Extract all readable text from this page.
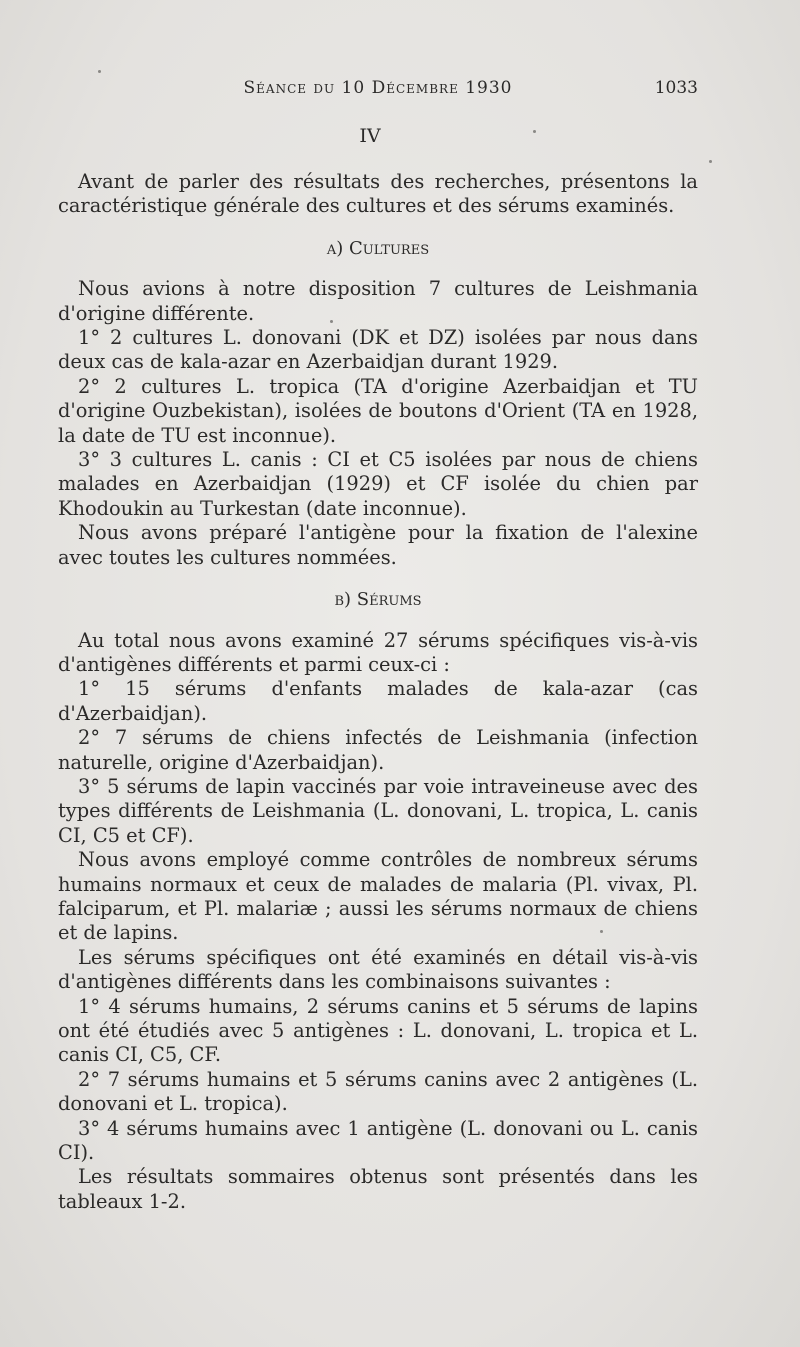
Séance du 10 Décembre 1930	1033
IV

Avant de parler des résultats des recherches, présentons la caractéristique générale des cultures et des sérums examinés.

a) Cultures

Nous avions à notre disposition 7 cultures de Leishmania d'origine différente.

1° 2 cultures L. donovani (DK et DZ) isolées par nous dans deux cas de kala-azar en Azerbaidjan durant 1929.

2° 2 cultures L. tropica (TA d'origine Azerbaidjan et TU d'origine Ouzbekistan), isolées de boutons d'Orient (TA en 1928, la date de TU est inconnue).

3° 3 cultures L. canis : CI et C5 isolées par nous de chiens malades en Azerbaidjan (1929) et CF isolée du chien par Khodoukin au Turkestan (date inconnue).

Nous avons préparé l'antigène pour la fixation de l'alexine avec toutes les cultures nommées.

b) Sérums

Au total nous avons examiné 27 sérums spécifiques vis-à-vis d'antigènes différents et parmi ceux-ci :

1° 15 sérums d'enfants malades de kala-azar (cas d'Azerbaidjan).

2° 7 sérums de chiens infectés de Leishmania (infection naturelle, origine d'Azerbaidjan).

3° 5 sérums de lapin vaccinés par voie intraveineuse avec des types différents de Leishmania (L. donovani, L. tropica, L. canis CI, C5 et CF).

Nous avons employé comme contrôles de nombreux sérums humains normaux et ceux de malades de malaria (Pl. vivax, Pl. falciparum, et Pl. malariæ ; aussi les sérums normaux de chiens et de lapins.

Les sérums spécifiques ont été examinés en détail vis-à-vis d'antigènes différents dans les combinaisons suivantes :

1° 4 sérums humains, 2 sérums canins et 5 sérums de lapins ont été étudiés avec 5 antigènes : L. donovani, L. tropica et L. canis CI, C5, CF.

2° 7 sérums humains et 5 sérums canins avec 2 antigènes (L. donovani et L. tropica).

3° 4 sérums humains avec 1 antigène (L. donovani ou L. canis CI).

Les résultats sommaires obtenus sont présentés dans les tableaux 1-2.
